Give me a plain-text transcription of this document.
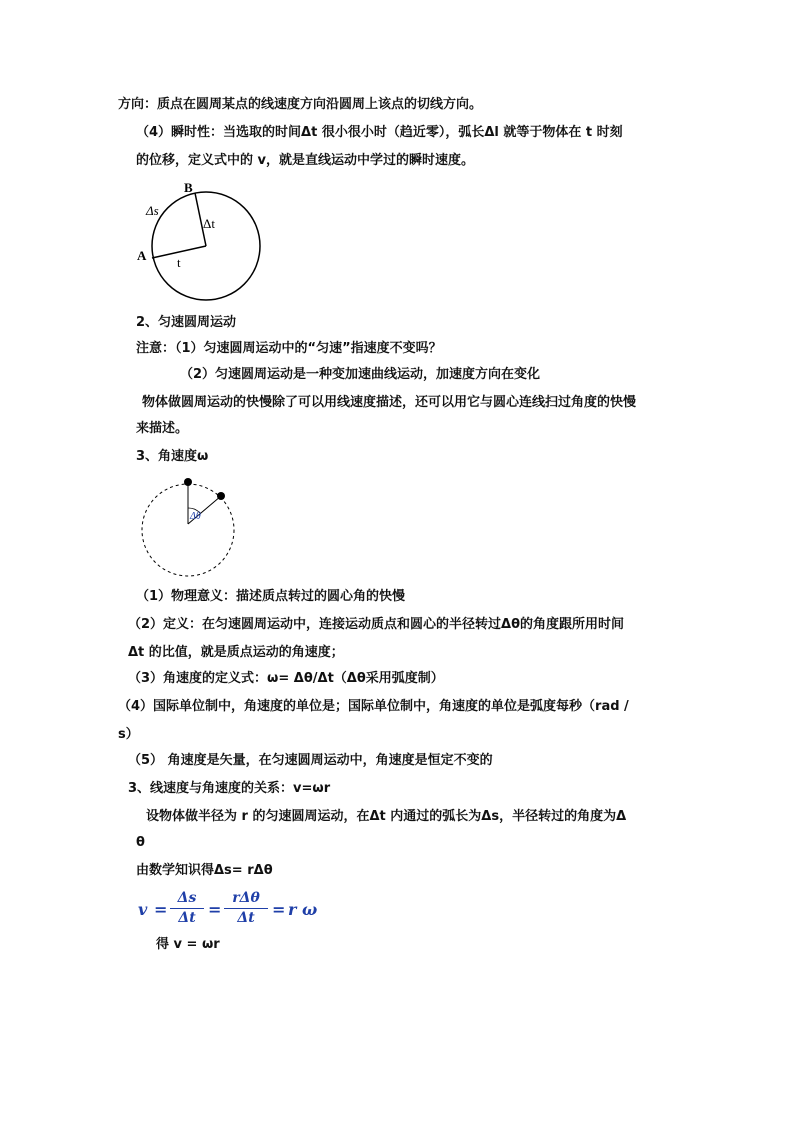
方向：质点在圆周某点的线速度方向沿圆周上该点的切线方向。
（4）瞬时性：当选取的时间Δt 很小很小时（趋近零），弧长Δl 就等于物体在 t 时刻
的位移，定义式中的 v，就是直线运动中学过的瞬时速度。
B
A
Δs
Δt
t
2、匀速圆周运动
注意：（1）匀速圆周运动中的“匀速”指速度不变吗？
（2）匀速圆周运动是一种变加速曲线运动，加速度方向在变化
物体做圆周运动的快慢除了可以用线速度描述，还可以用它与圆心连线扫过角度的快慢
来描述。
3、角速度ω
Δθ
（1）物理意义：描述质点转过的圆心角的快慢
（2）定义：在匀速圆周运动中，连接运动质点和圆心的半径转过Δθ的角度跟所用时间
Δt 的比值，就是质点运动的角速度；
（3）角速度的定义式：ω= Δθ/Δt（Δθ采用弧度制）
（4）国际单位制中，角速度的单位是；国际单位制中，角速度的单位是弧度每秒（rad /
s）
（5） 角速度是矢量，在匀速圆周运动中，角速度是恒定不变的
3、线速度与角速度的关系：v=ωr
设物体做半径为 r 的匀速圆周运动，在Δt 内通过的弧长为Δs，半径转过的角度为Δ
θ
由数学知识得Δs= rΔθ
v =
Δs
Δt =
rΔθ
Δt	= r ω
得 v = ωr
